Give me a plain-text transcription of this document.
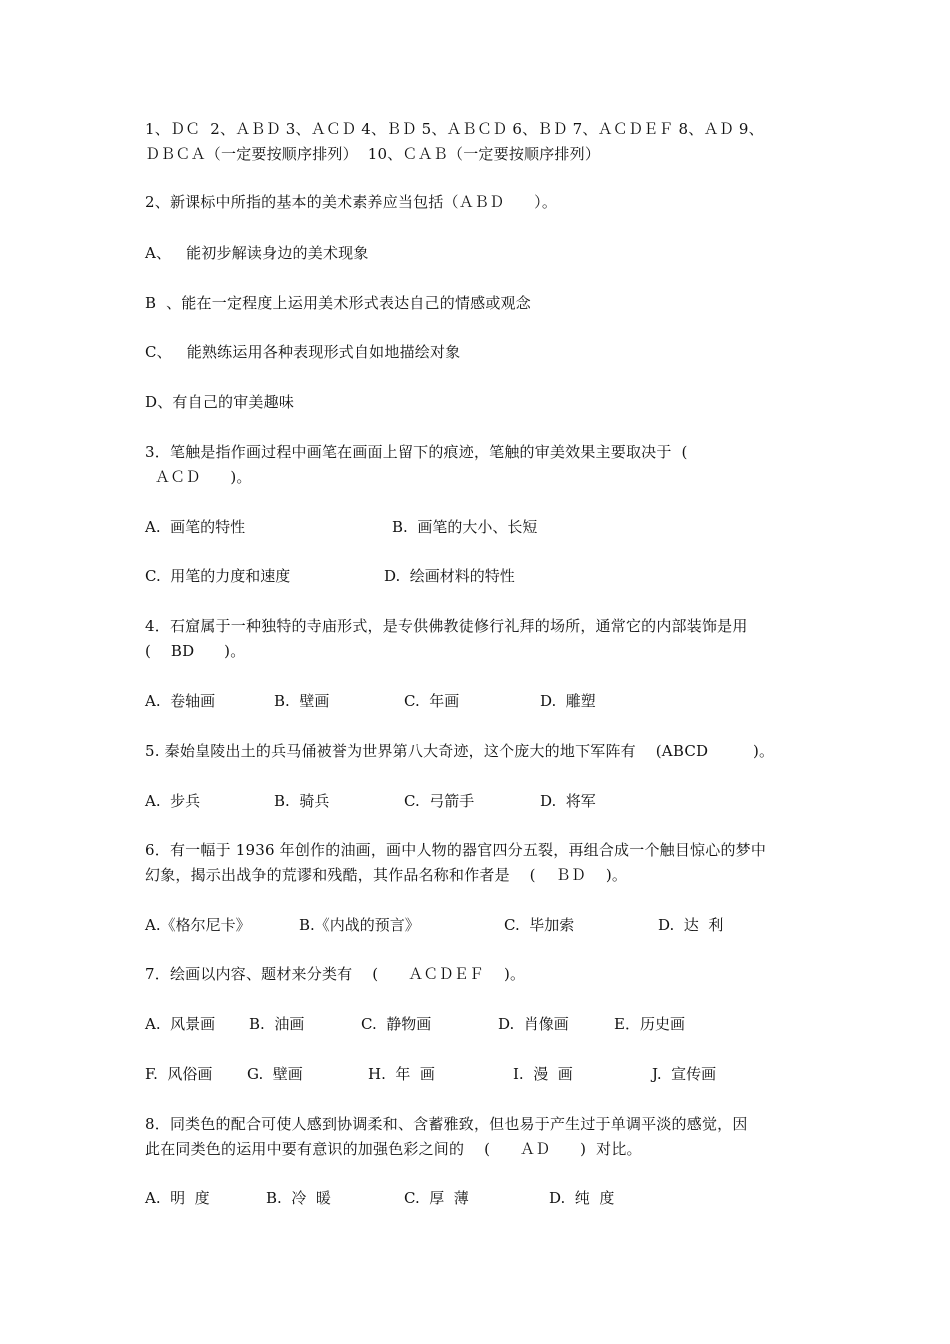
1、ＤＣ  2、ＡＢＤ 3、ＡＣＤ 4、ＢＤ 5、ＡＢＣＤ 6、ＢＤ 7、ＡＣＤＥＦ 8、ＡＤ 9、
ＤＢＣＡ（一定要按顺序排列）  10、ＣＡＢ（一定要按顺序排列）
2、新课标中所指的基本的美术素养应当包括（ＡＢＤ      ）。
A、   能初步解读身边的美术现象
B  、能在一定程度上运用美术形式表达自己的情感或观念
C、   能熟练运用各种表现形式自如地描绘对象
D、有自己的审美趣味
3．笔触是指作画过程中画笔在画面上留下的痕迹，笔触的审美效果主要取决于  (
ＡＣＤ      )。
A.  画笔的特性	B.  画笔的大小、长短
C.  用笔的力度和速度	D.  绘画材料的特性
4．石窟属于一种独特的寺庙形式，是专供佛教徒修行礼拜的场所，通常它的内部装饰是用
(    BD      )。
A.  卷轴画	B.  壁画	C.  年画	D.  雕塑
5. 秦始皇陵出土的兵马俑被誉为世界第八大奇迹，这个庞大的地下军阵有    (ABCD         )。
A.  步兵	B.  骑兵	C.  弓箭手	D.  将军
6．有一幅于 1936 年创作的油画，画中人物的器官四分五裂，再组合成一个触目惊心的梦中
幻象，揭示出战争的荒谬和残酷，其作品名称和作者是    (    ＢＤ    )。
A.《格尔尼卡》	B.《内战的预言》	C.  毕加索	D.  达  利
7．绘画以内容、题材来分类有    (      ＡＣＤＥＦ    )。
A.  风景画 B.  油画	C.  静物画	D.  肖像画	E．历史画
F.  风俗画 G.  壁画	H.  年  画	I.  漫  画	J.  宣传画
8．同类色的配合可使人感到协调柔和、含蓄雅致，但也易于产生过于单调平淡的感觉，因
此在同类色的运用中要有意识的加强色彩之间的    (      ＡＤ      )  对比。
A.  明  度	B.  冷  暖	C.  厚  薄	D.  纯  度
